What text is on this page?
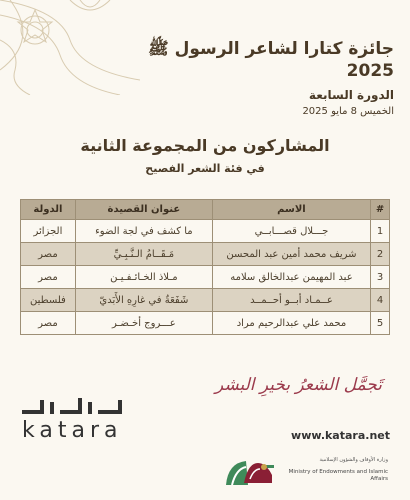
جائزة كتارا لشاعر الرسول ﷺ 2025
الدورة السابعة
الخميس 8 مايو 2025
المشاركون من المجموعة الثانية
في فئة الشعر الفصيح
#	الاسم	عنوان القصيدة	الدولة
1	جـــلال قصـــابــي	ما كشف في لجة الضوء	الجزائر
2	شريف محمد أمين عبد المحسن	مَـقَــامُ الـنَّـبِـيِّ	مصر
3	عبد المهيمن عبدالخالق سلامه	مـلاذ الخـائـفـيـن	مصر
4	عــمـاد أبــو أحــمــد	شَفَعَةٌ في غارِهِ الأَبَديّ	فلسطين
5	محمد علي عبدالرحيم مراد	عـــروج أخـضـر	مصر
تَجمَّل الشعرُ بخيرِ البشر
katara	www.katara.net
وزارة الأوقاف والشؤون الإسلامية
Ministry of Endowments and Islamic Affairs
